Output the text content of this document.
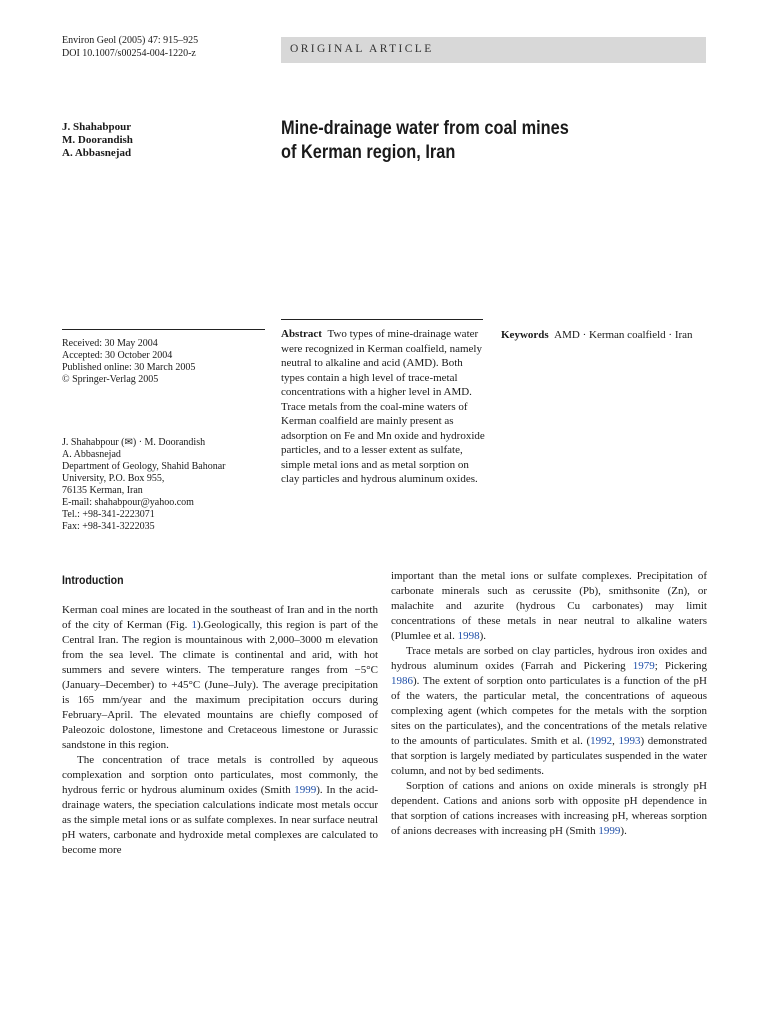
Environ Geol (2005) 47: 915–925
DOI 10.1007/s00254-004-1220-z	ORIGINAL ARTICLE
J. Shahabpour
M. Doorandish
A. Abbasnejad
Mine-drainage water from coal mines
of Kerman region, Iran
Received: 30 May 2004
Accepted: 30 October 2004
Published online: 30 March 2005
© Springer-Verlag 2005
J. Shahabpour (✉) · M. Doorandish
A. Abbasnejad
Department of Geology, Shahid Bahonar
University, P.O. Box 955,
76135 Kerman, Iran
E-mail: shahabpour@yahoo.com
Tel.: +98-341-2223071
Fax: +98-341-3222035
Abstract Two types of mine-drainage water were recognized in Kerman coalfield, namely neutral to alkaline and acid (AMD). Both types contain a high level of trace-metal concentrations with a higher level in AMD. Trace metals from the coal-mine waters of Kerman coalfield are mainly present as adsorption on Fe and Mn oxide and hydroxide particles, and to a lesser extent as sulfate, simple metal ions and as metal sorption on clay particles and hydrous aluminum oxides.
Keywords AMD · Kerman coalfield · Iran
Introduction

Kerman coal mines are located in the southeast of Iran and in the north of the city of Kerman (Fig. 1).Geologically, this region is part of the Central Iran. The region is mountainous with 2,000–3000 m elevation from the sea level. The climate is continental and arid, with hot summers and severe winters. The temperature ranges from −5°C (January–December) to +45°C (June–July). The average precipitation is 165 mm/year and the maximum precipitation occurs during February–April. The elevated mountains are chiefly composed of Paleozoic dolostone, limestone and Cretaceous limestone or Jurassic sandstone in this region.

The concentration of trace metals is controlled by aqueous complexation and sorption onto particulates, most commonly, the hydrous ferric or hydrous aluminum oxides (Smith 1999). In the acid-drainage waters, the speciation calculations indicate most metals occur as the simple metal ions or as sulfate complexes. In near surface neutral pH waters, carbonate and hydroxide metal complexes are calculated to become more

important than the metal ions or sulfate complexes. Precipitation of carbonate minerals such as cerussite (Pb), smithsonite (Zn), or malachite and azurite (hydrous Cu carbonates) may limit concentrations of these metals in near neutral to alkaline waters (Plumlee et al. 1998).

Trace metals are sorbed on clay particles, hydrous iron oxides and hydrous aluminum oxides (Farrah and Pickering 1979; Pickering 1986). The extent of sorption onto particulates is a function of the pH of the waters, the particular metal, the concentrations of aqueous complexing agent (which competes for the metals with the sorption sites on the particulates), and the concentrations of the metals relative to the amounts of particulates. Smith et al. (1992, 1993) demonstrated that sorption is largely mediated by particulates suspended in the water column, and not by bed sediments.

Sorption of cations and anions on oxide minerals is strongly pH dependent. Cations and anions sorb with opposite pH dependence in that sorption of cations increases with increasing pH, whereas sorption of anions decreases with increasing pH (Smith 1999).
